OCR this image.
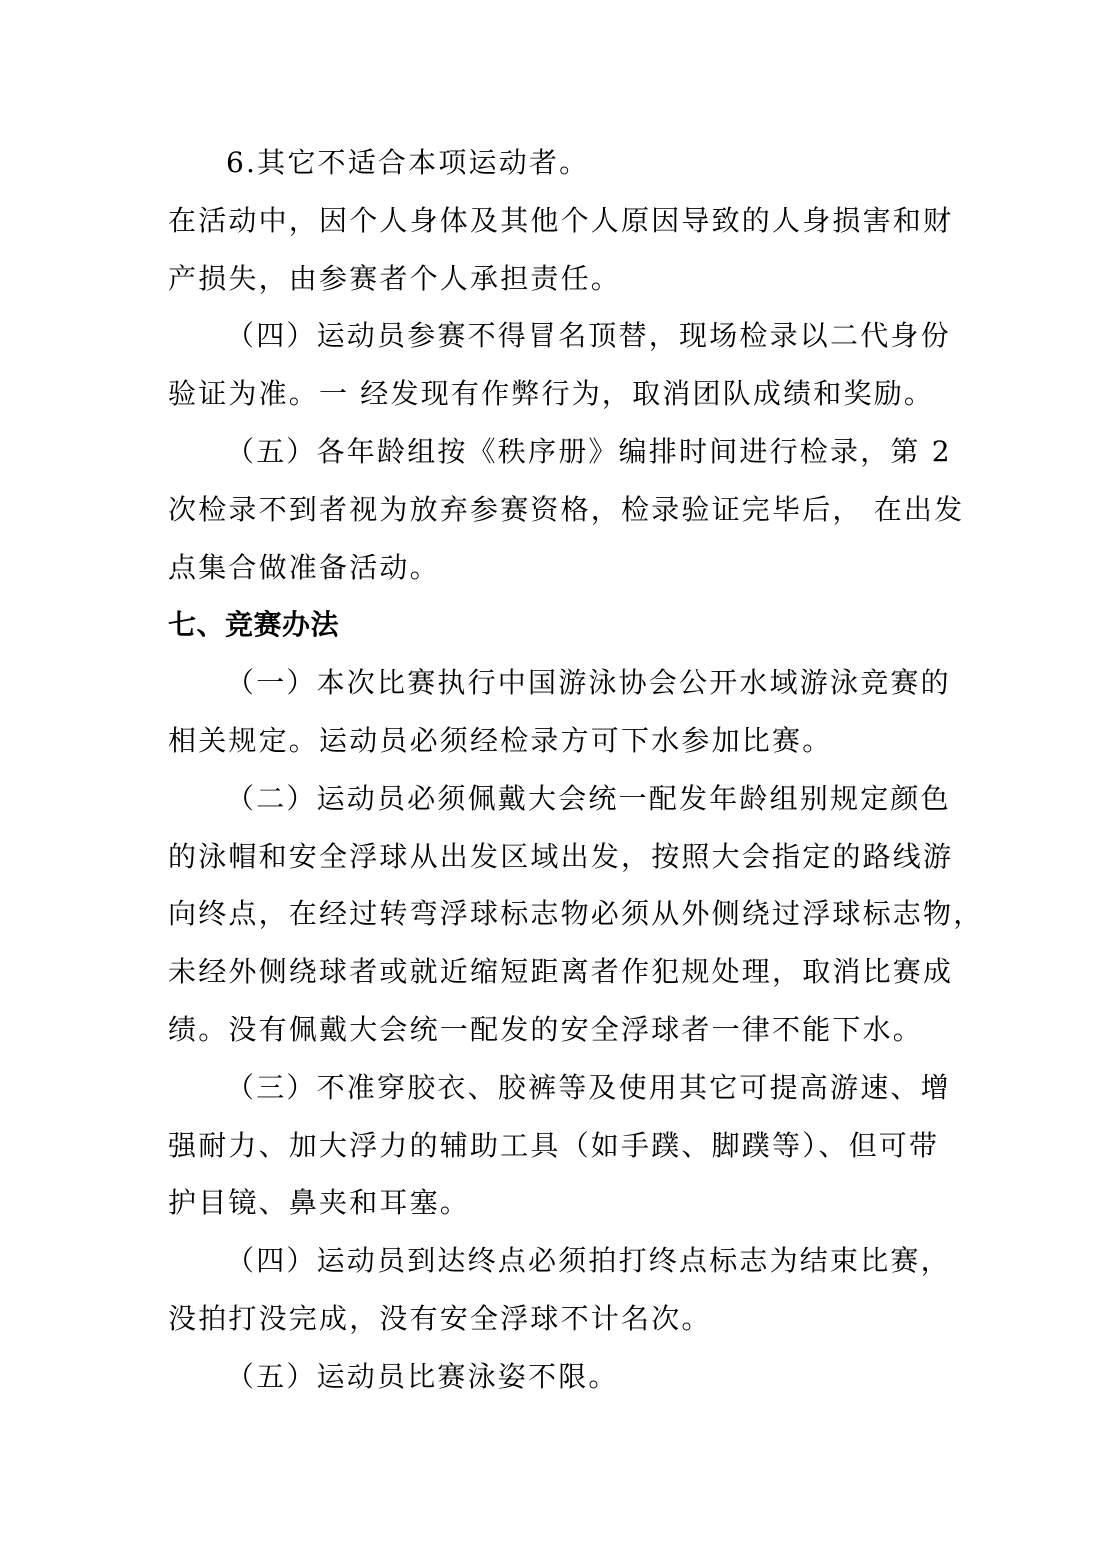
6.其它不适合本项运动者。
在活动中，因个人身体及其他个人原因导致的人身损害和财
产损失，由参赛者个人承担责任。
（四）运动员参赛不得冒名顶替，现场检录以二代身份
验证为准。一 经发现有作弊行为，取消团队成绩和奖励。
（五）各年龄组按《秩序册》编排时间进行检录，第 2
次检录不到者视为放弃参赛资格，检录验证完毕后， 在出发
点集合做准备活动。
七、竞赛办法
（一）本次比赛执行中国游泳协会公开水域游泳竞赛的
相关规定。运动员必须经检录方可下水参加比赛。
（二）运动员必须佩戴大会统一配发年龄组别规定颜色
的泳帽和安全浮球从出发区域出发，按照大会指定的路线游
向终点，在经过转弯浮球标志物必须从外侧绕过浮球标志物，
未经外侧绕球者或就近缩短距离者作犯规处理，取消比赛成
绩。没有佩戴大会统一配发的安全浮球者一律不能下水。
（三）不准穿胶衣、胶裤等及使用其它可提高游速、增
强耐力、加大浮力的辅助工具（如手蹼、脚蹼等）、但可带
护目镜、鼻夹和耳塞。
（四）运动员到达终点必须拍打终点标志为结束比赛，
没拍打没完成，没有安全浮球不计名次。
（五）运动员比赛泳姿不限。
